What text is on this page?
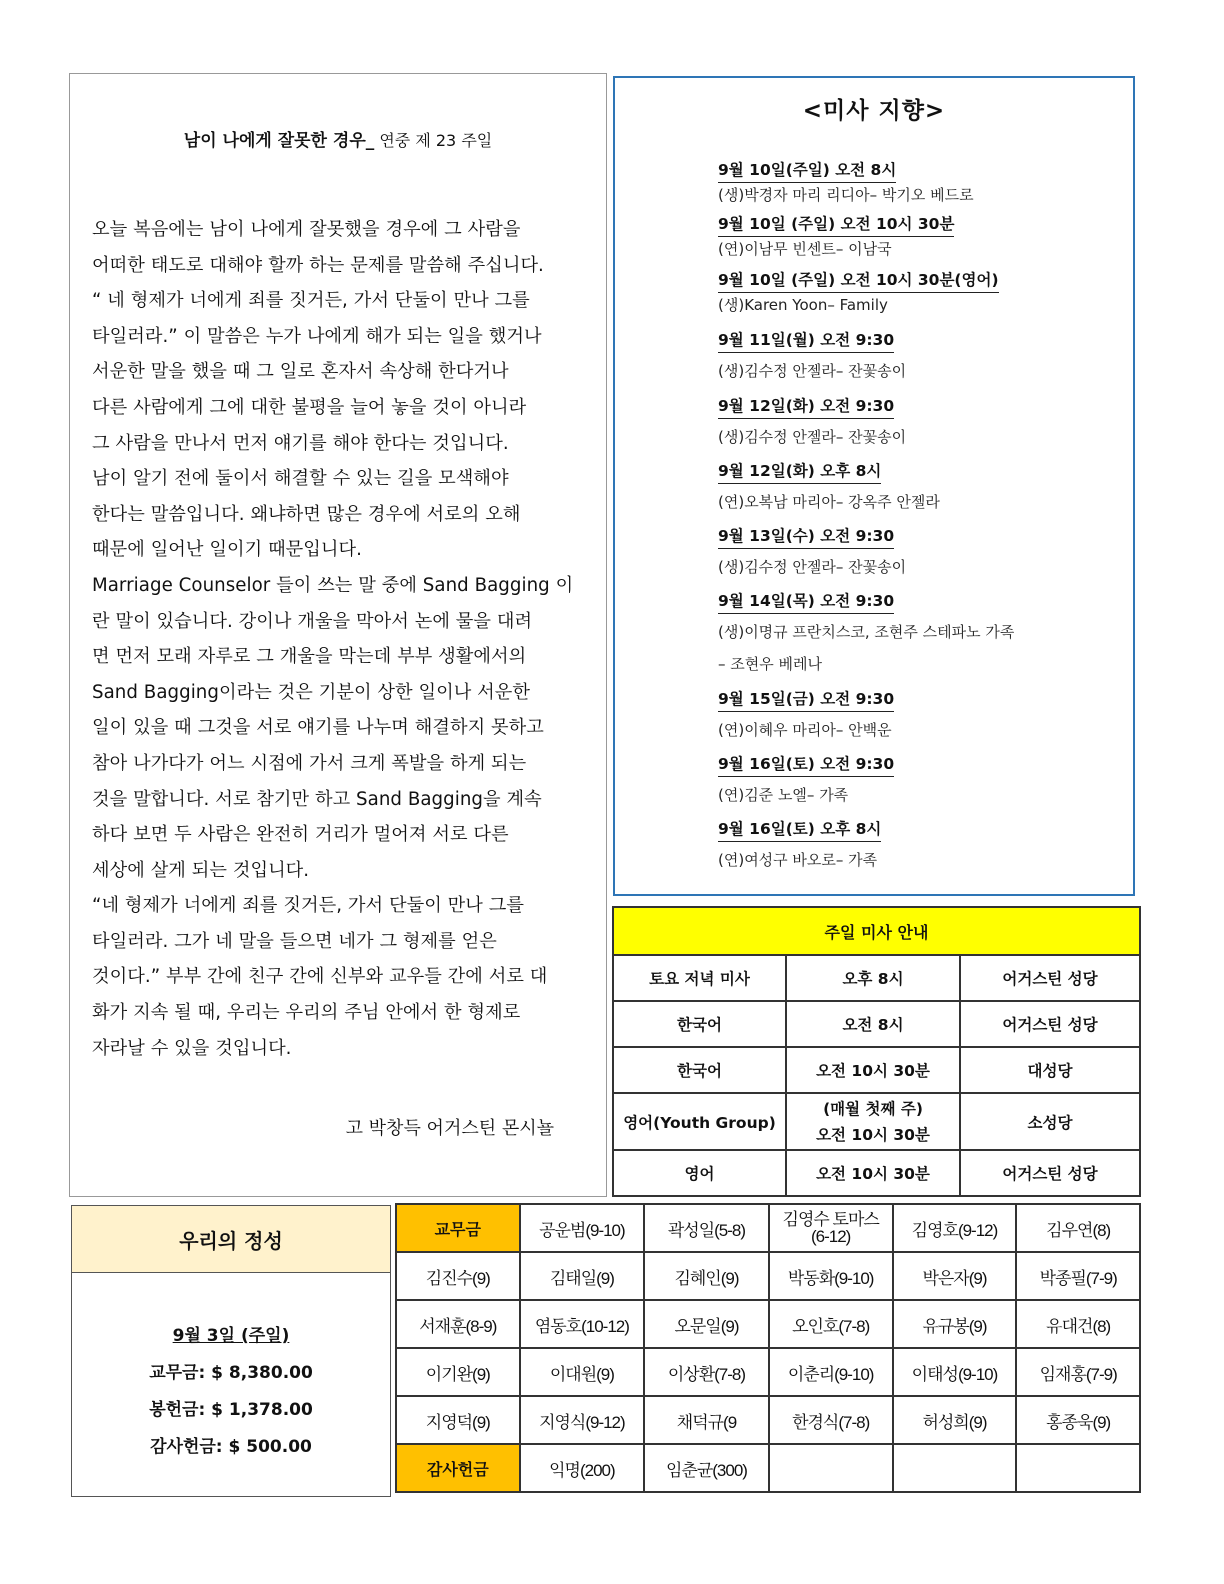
남이 나에게 잘못한 경우_ 연중 제 23 주일

오늘 복음에는 남이 나에게 잘못했을 경우에 그 사람을

어떠한 태도로 대해야 할까 하는 문제를 말씀해 주십니다.

“ 네 형제가 너에게 죄를 짓거든, 가서 단둘이 만나 그를

타일러라.” 이 말씀은 누가 나에게 해가 되는 일을 했거나

서운한 말을 했을 때 그 일로 혼자서 속상해 한다거나

다른 사람에게 그에 대한 불평을 늘어 놓을 것이 아니라

그 사람을 만나서 먼저 얘기를 해야 한다는 것입니다.

남이 알기 전에 둘이서 해결할 수 있는 길을 모색해야

한다는 말씀입니다. 왜냐하면 많은 경우에 서로의 오해

때문에 일어난 일이기 때문입니다.

Marriage Counselor 들이 쓰는 말 중에 Sand Bagging 이

란 말이 있습니다. 강이나 개울을 막아서 논에 물을 대려

면 먼저 모래 자루로 그 개울을 막는데 부부 생활에서의

Sand Bagging이라는 것은 기분이 상한 일이나 서운한

일이 있을 때 그것을 서로 얘기를 나누며 해결하지 못하고

참아 나가다가 어느 시점에 가서 크게 폭발을 하게 되는

것을 말합니다. 서로 참기만 하고 Sand Bagging을 계속

하다 보면 두 사람은 완전히 거리가 멀어져 서로 다른

세상에 살게 되는 것입니다.

“네 형제가 너에게 죄를 짓거든, 가서 단둘이 만나 그를

타일러라. 그가 네 말을 들으면 네가 그 형제를 얻은

것이다.” 부부 간에 친구 간에 신부와 교우들 간에 서로 대

화가 지속 될 때, 우리는 우리의 주님 안에서 한 형제로

자라날 수 있을 것입니다.

고 박창득 어거스틴 몬시뇰
<미사 지향>
9월 10일(주일) 오전 8시
(생)박경자 마리 리디아– 박기오 베드로
9월 10일 (주일) 오전 10시 30분
(연)이남무 빈센트– 이남국
9월 10일 (주일) 오전 10시 30분(영어)
(생)Karen Yoon– Family
9월 11일(월) 오전 9:30
(생)김수정 안젤라– 잔꽃송이
9월 12일(화) 오전 9:30
(생)김수정 안젤라– 잔꽃송이
9월 12일(화) 오후 8시
(연)오복남 마리아– 강옥주 안젤라
9월 13일(수) 오전 9:30
(생)김수정 안젤라– 잔꽃송이
9월 14일(목) 오전 9:30
(생)이명규 프란치스코, 조현주 스테파노 가족
– 조현우 베레나
9월 15일(금) 오전 9:30
(연)이혜우 마리아– 안백운
9월 16일(토) 오전 9:30
(연)김준 노엘– 가족
9월 16일(토) 오후 8시
(연)여성구 바오로– 가족
주일 미사 안내		
토요 저녁 미사	오후 8시	어거스틴 성당
한국어	오전 8시	어거스틴 성당
한국어	오전 10시 30분	대성당
영어(Youth Group)	(매월 첫째 주)
오전 10시 30분	소성당
영어	오전 10시 30분	어거스틴 성당
우리의 정성
9월 3일 (주일)
교무금: $ 8,380.00
봉헌금: $ 1,378.00
감사헌금: $ 500.00
교무금	공운범(9-10)	곽성일(5-8)	김영수 토마스
(6-12)	김영호(9-12)	김우연(8)
김진수(9)	김태일(9)	김혜인(9)	박동화(9-10)	박은자(9)	박종필(7-9)
서재훈(8-9)	염동호(10-12)	오문일(9)	오인호(7-8)	유규봉(9)	유대건(8)
이기완(9)	이대원(9)	이상환(7-8)	이춘리(9-10)	이태성(9-10)	임재홍(7-9)
지영덕(9)	지영식(9-12)	채덕규(9	한경식(7-8)	허성희(9)	홍종욱(9)
감사헌금	익명(200)	임춘균(300)			
